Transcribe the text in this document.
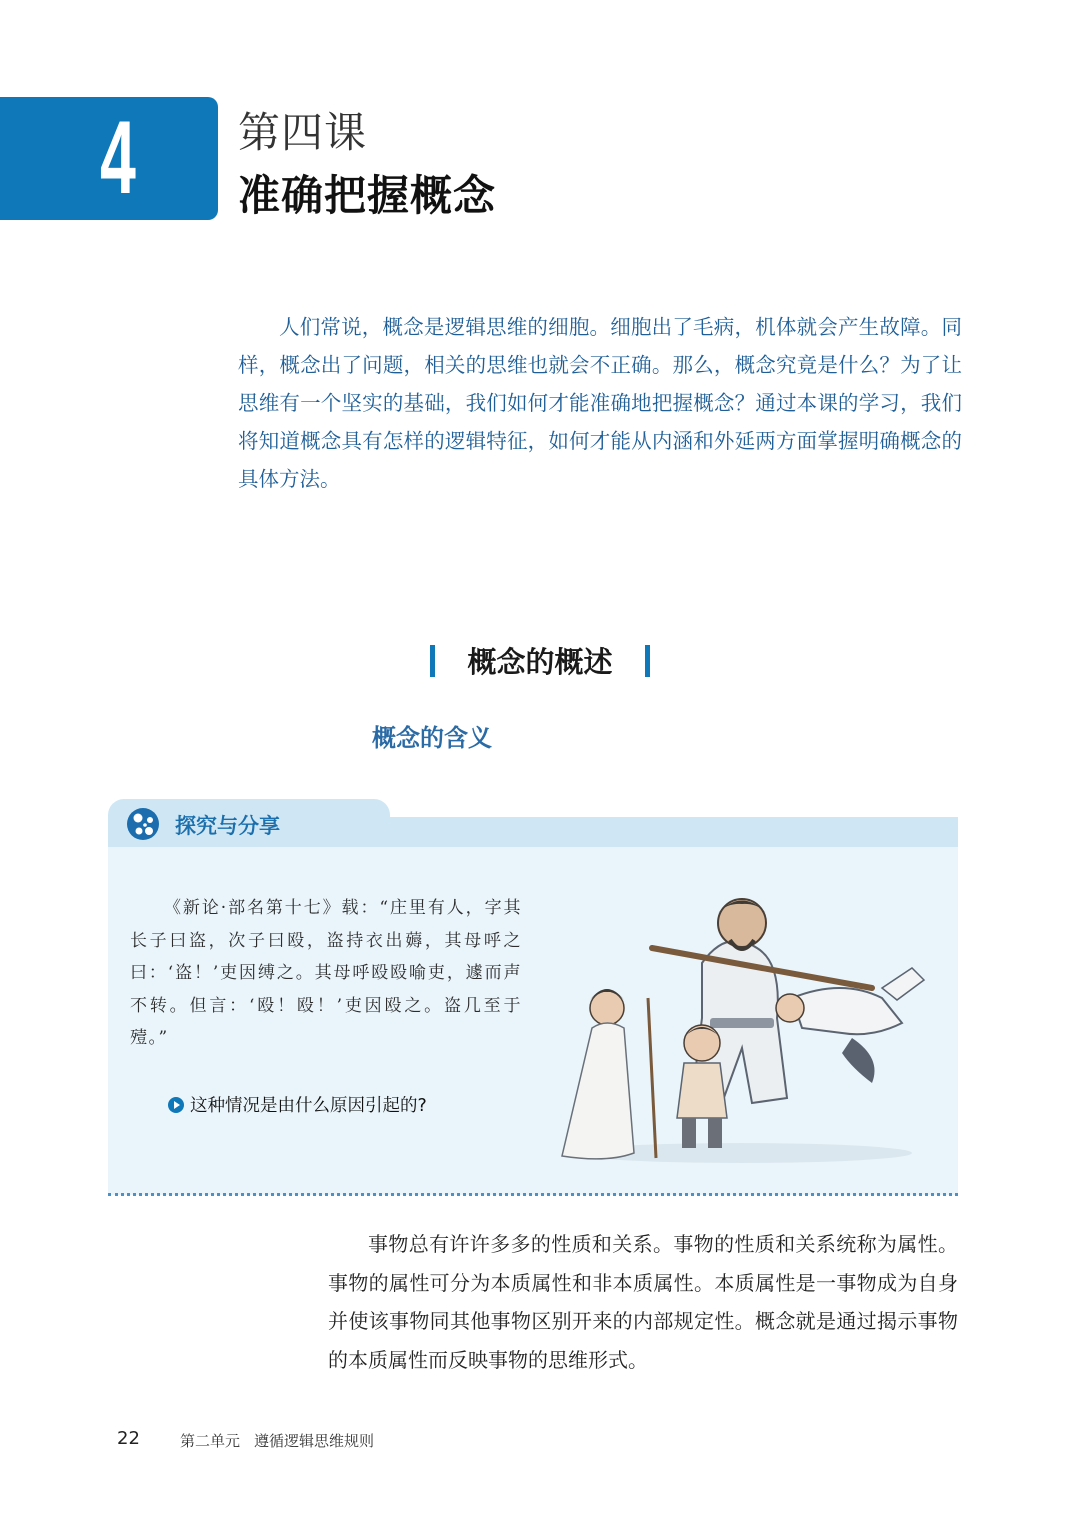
4 第四课
准确把握概念

人们常说，概念是逻辑思维的细胞。细胞出了毛病，机体就会产生故障。同样，概念出了问题，相关的思维也就会不正确。那么，概念究竟是什么？为了让思维有一个坚实的基础，我们如何才能准确地把握概念？通过本课的学习，我们将知道概念具有怎样的逻辑特征，如何才能从内涵和外延两方面掌握明确概念的具体方法。

概念的概述
概念的含义
探究与分享

《新论·部名第十七》载：“庄里有人，字其长子曰盗，次子曰殴，盗持衣出薅，其母呼之曰：‘盗！’吏因缚之。其母呼殴殴喻吏，遽而声不转。但言：‘殴！殴！’吏因殴之。盗几至于殪。”

这种情况是由什么原因引起的?

事物总有许许多多的性质和关系。事物的性质和关系统称为属性。事物的属性可分为本质属性和非本质属性。本质属性是一事物成为自身并使该事物同其他事物区别开来的内部规定性。概念就是通过揭示事物的本质属性而反映事物的思维形式。

22	第二单元 遵循逻辑思维规则
